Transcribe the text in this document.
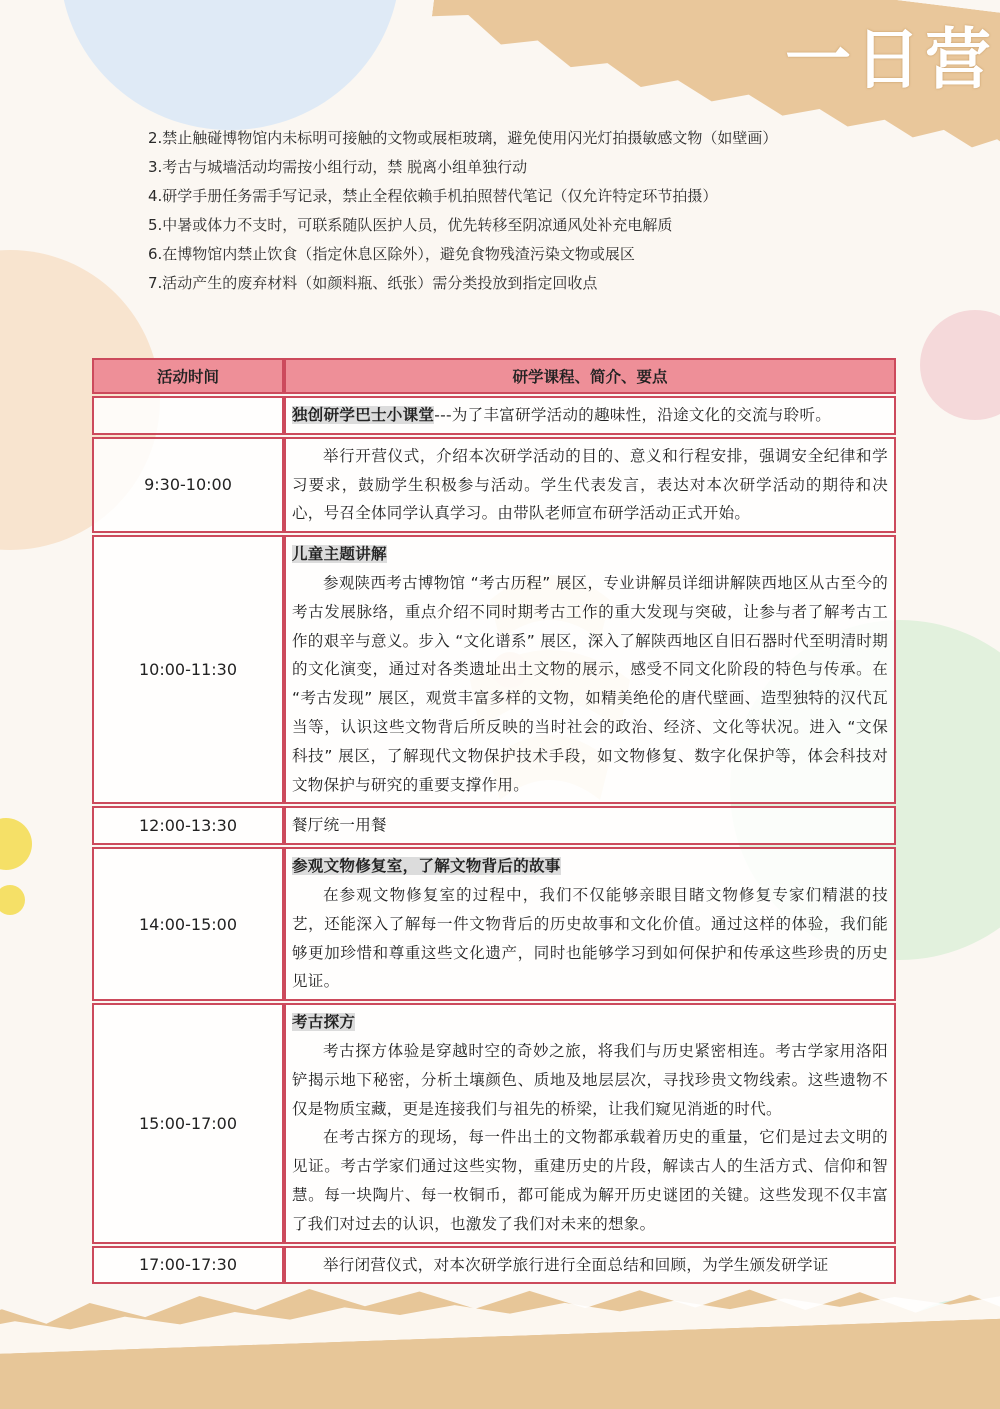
一日营
2.禁止触碰博物馆内未标明可接触的文物或展柜玻璃，避免使用闪光灯拍摄敏感文物（如壁画）
3.考古与城墙活动均需按小组行动，禁 脱离小组单独行动
4.研学手册任务需手写记录，禁止全程依赖手机拍照替代笔记（仅允许特定环节拍摄）
5.中暑或体力不支时，可联系随队医护人员，优先转移至阴凉通风处补充电解质
6.在博物馆内禁止饮食（指定休息区除外），避免食物残渣污染文物或展区
7.活动产生的废弃材料（如颜料瓶、纸张）需分类投放到指定回收点
活动时间	研学课程、简介、要点

	独创研学巴士小课堂---为了丰富研学活动的趣味性，沿途文化的交流与聆听。

9:30-10:00	举行开营仪式，介绍本次研学活动的目的、意义和行程安排，强调安全纪律和学习要求，鼓励学生积极参与活动。学生代表发言，表达对本次研学活动的期待和决心，号召全体同学认真学习。由带队老师宣布研学活动正式开始。

10:00-11:30	儿童主题讲解

参观陕西考古博物馆 “考古历程” 展区，专业讲解员详细讲解陕西地区从古至今的考古发展脉络，重点介绍不同时期考古工作的重大发现与突破，让参与者了解考古工作的艰辛与意义。步入 “文化谱系” 展区，深入了解陕西地区自旧石器时代至明清时期的文化演变，通过对各类遗址出土文物的展示，感受不同文化阶段的特色与传承。在 “考古发现” 展区，观赏丰富多样的文物，如精美绝伦的唐代壁画、造型独特的汉代瓦当等，认识这些文物背后所反映的当时社会的政治、经济、文化等状况。进入 “文保科技” 展区，了解现代文物保护技术手段，如文物修复、数字化保护等，体会科技对文物保护与研究的重要支撑作用。

12:00-13:30	餐厅统一用餐

14:00-15:00	参观文物修复室，了解文物背后的故事

在参观文物修复室的过程中，我们不仅能够亲眼目睹文物修复专家们精湛的技艺，还能深入了解每一件文物背后的历史故事和文化价值。通过这样的体验，我们能够更加珍惜和尊重这些文化遗产，同时也能够学习到如何保护和传承这些珍贵的历史见证。

15:00-17:00	考古探方

考古探方体验是穿越时空的奇妙之旅，将我们与历史紧密相连。考古学家用洛阳铲揭示地下秘密，分析土壤颜色、质地及地层层次，寻找珍贵文物线索。这些遗物不仅是物质宝藏，更是连接我们与祖先的桥梁，让我们窥见消逝的时代。

在考古探方的现场，每一件出土的文物都承载着历史的重量，它们是过去文明的见证。考古学家们通过这些实物，重建历史的片段，解读古人的生活方式、信仰和智慧。每一块陶片、每一枚铜币，都可能成为解开历史谜团的关键。这些发现不仅丰富了我们对过去的认识，也激发了我们对未来的想象。

17:00-17:30	举行闭营仪式，对本次研学旅行进行全面总结和回顾，为学生颁发研学证
